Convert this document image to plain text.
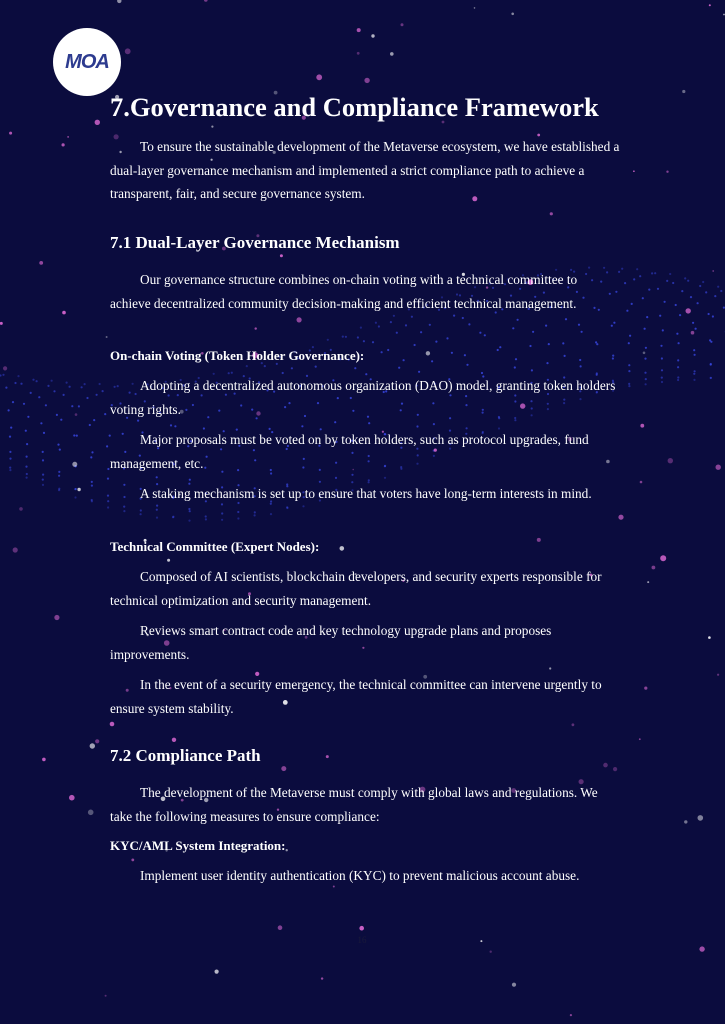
MOA
7.Governance and Compliance Framework

To ensure the sustainable development of the Metaverse ecosystem, we have established a dual-layer governance mechanism and implemented a strict compliance path to achieve a transparent, fair, and secure governance system.

7.1 Dual-Layer Governance Mechanism

Our governance structure combines on-chain voting with a technical committee to achieve decentralized community decision-making and efficient technical management.

On-chain Voting (Token Holder Governance):

Adopting a decentralized autonomous organization (DAO) model, granting token holders voting rights.

Major proposals must be voted on by token holders, such as protocol upgrades, fund management, etc.

A staking mechanism is set up to ensure that voters have long-term interests in mind.

Technical Committee (Expert Nodes):

Composed of AI scientists, blockchain developers, and security experts responsible for technical optimization and security management.

Reviews smart contract code and key technology upgrade plans and proposes improvements.

In the event of a security emergency, the technical committee can intervene urgently to ensure system stability.

7.2 Compliance Path

The development of the Metaverse must comply with global laws and regulations. We take the following measures to ensure compliance:

KYC/AML System Integration:

Implement user identity authentication (KYC) to prevent malicious account abuse.

16
